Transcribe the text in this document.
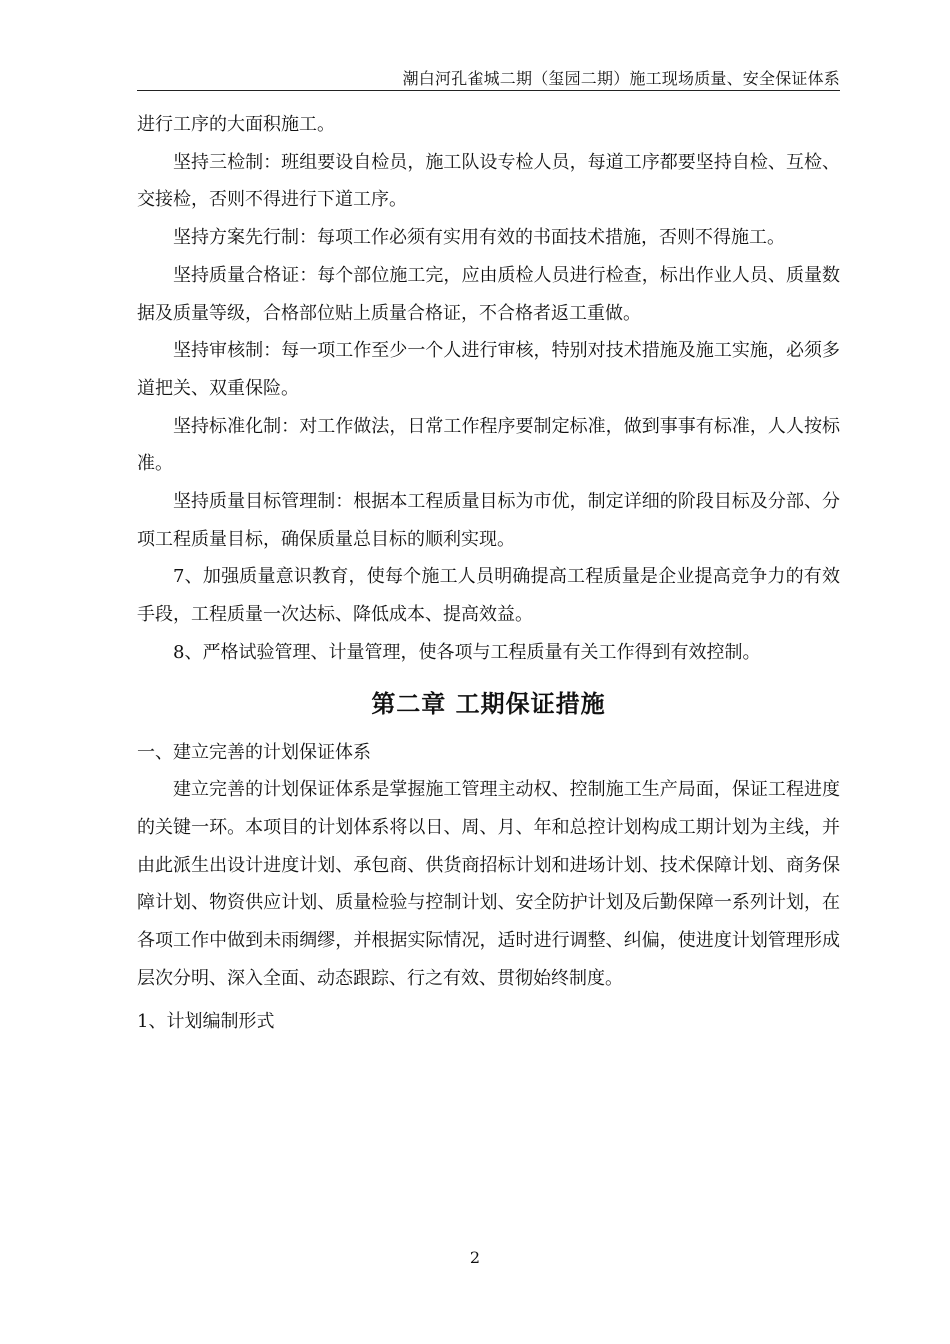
潮白河孔雀城二期（玺园二期）施工现场质量、安全保证体系

进行工序的大面积施工。

坚持三检制：班组要设自检员，施工队设专检人员，每道工序都要坚持自检、互检、交接检，否则不得进行下道工序。

坚持方案先行制：每项工作必须有实用有效的书面技术措施，否则不得施工。

坚持质量合格证：每个部位施工完，应由质检人员进行检查，标出作业人员、质量数据及质量等级，合格部位贴上质量合格证，不合格者返工重做。

坚持审核制：每一项工作至少一个人进行审核，特别对技术措施及施工实施，必须多道把关、双重保险。

坚持标准化制：对工作做法，日常工作程序要制定标准，做到事事有标准，人人按标准。

坚持质量目标管理制：根据本工程质量目标为市优，制定详细的阶段目标及分部、分项工程质量目标，确保质量总目标的顺利实现。

7、加强质量意识教育，使每个施工人员明确提高工程质量是企业提高竞争力的有效手段，工程质量一次达标、降低成本、提高效益。

8、严格试验管理、计量管理，使各项与工程质量有关工作得到有效控制。

第二章 工期保证措施

一、建立完善的计划保证体系

建立完善的计划保证体系是掌握施工管理主动权、控制施工生产局面，保证工程进度的关键一环。本项目的计划体系将以日、周、月、年和总控计划构成工期计划为主线，并由此派生出设计进度计划、承包商、供货商招标计划和进场计划、技术保障计划、商务保障计划、物资供应计划、质量检验与控制计划、安全防护计划及后勤保障一系列计划，在各项工作中做到未雨绸缪，并根据实际情况，适时进行调整、纠偏，使进度计划管理形成层次分明、深入全面、动态跟踪、行之有效、贯彻始终制度。

1、计划编制形式

2
